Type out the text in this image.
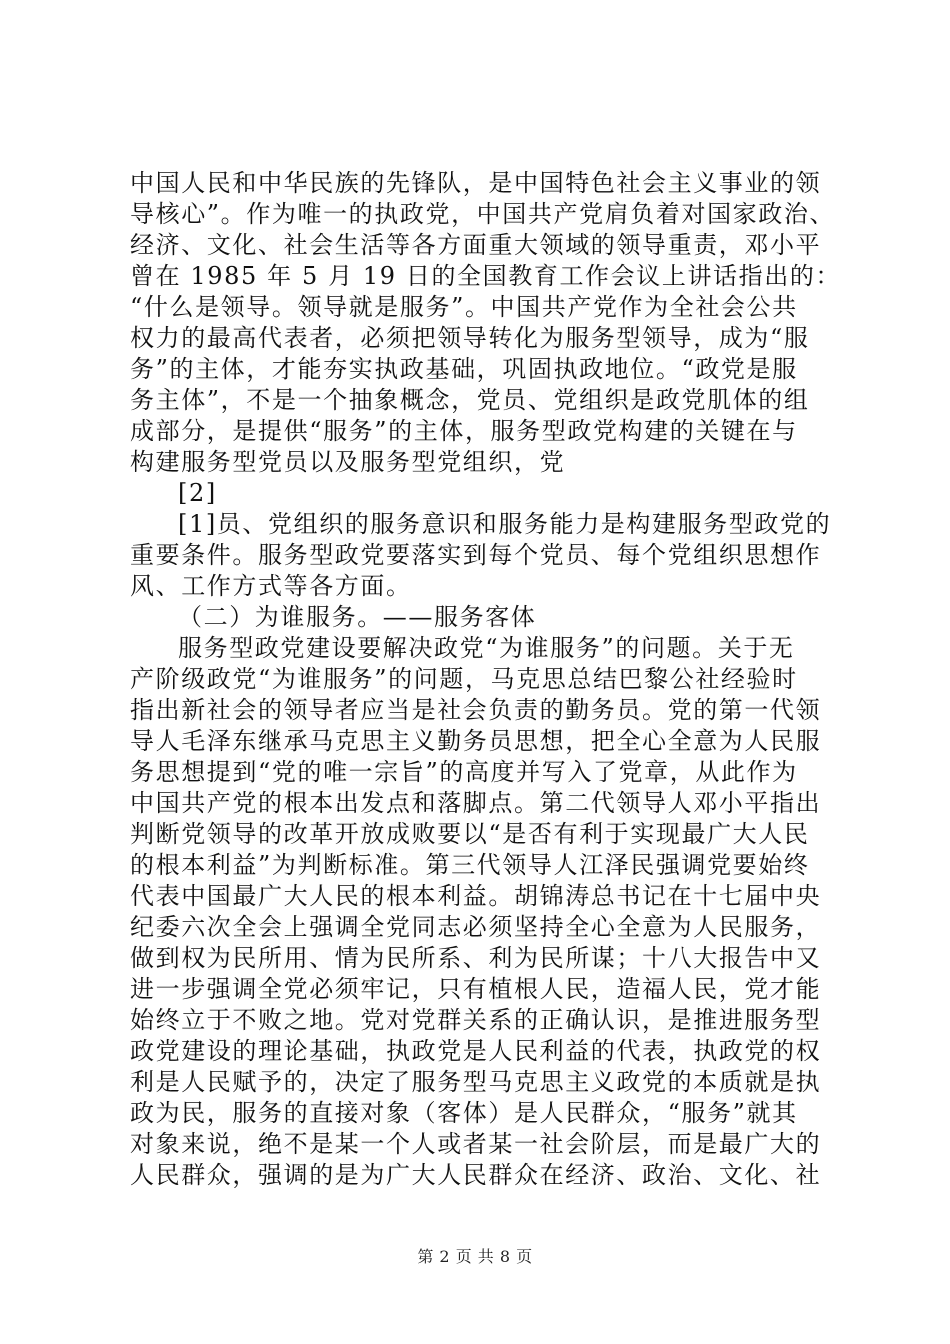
中国人民和中华民族的先锋队，是中国特色社会主义事业的领
导核心”。作为唯一的执政党，中国共产党肩负着对国家政治、
经济、文化、社会生活等各方面重大领域的领导重责，邓小平
曾在 1985 年 5 月 19 日的全国教育工作会议上讲话指出的：
“什么是领导。领导就是服务”。中国共产党作为全社会公共
权力的最高代表者，必须把领导转化为服务型领导，成为“服
务”的主体，才能夯实执政基础，巩固执政地位。“政党是服
务主体”，不是一个抽象概念，党员、党组织是政党肌体的组
成部分，是提供“服务”的主体，服务型政党构建的关键在与
构建服务型党员以及服务型党组织，党
[2]
[1]员、党组织的服务意识和服务能力是构建服务型政党的
重要条件。服务型政党要落实到每个党员、每个党组织思想作
风、工作方式等各方面。
（二）为谁服务。——服务客体
服务型政党建设要解决政党“为谁服务”的问题。关于无
产阶级政党“为谁服务”的问题，马克思总结巴黎公社经验时
指出新社会的领导者应当是社会负责的勤务员。党的第一代领
导人毛泽东继承马克思主义勤务员思想，把全心全意为人民服
务思想提到“党的唯一宗旨”的高度并写入了党章，从此作为
中国共产党的根本出发点和落脚点。第二代领导人邓小平指出
判断党领导的改革开放成败要以“是否有利于实现最广大人民
的根本利益”为判断标准。第三代领导人江泽民强调党要始终
代表中国最广大人民的根本利益。胡锦涛总书记在十七届中央
纪委六次全会上强调全党同志必须坚持全心全意为人民服务，
做到权为民所用、情为民所系、利为民所谋；十八大报告中又
进一步强调全党必须牢记，只有植根人民，造福人民，党才能
始终立于不败之地。党对党群关系的正确认识，是推进服务型
政党建设的理论基础，执政党是人民利益的代表，执政党的权
利是人民赋予的，决定了服务型马克思主义政党的本质就是执
政为民，服务的直接对象（客体）是人民群众，“服务”就其
对象来说，绝不是某一个人或者某一社会阶层，而是最广大的
人民群众，强调的是为广大人民群众在经济、政治、文化、社
第 2 页 共 8 页
